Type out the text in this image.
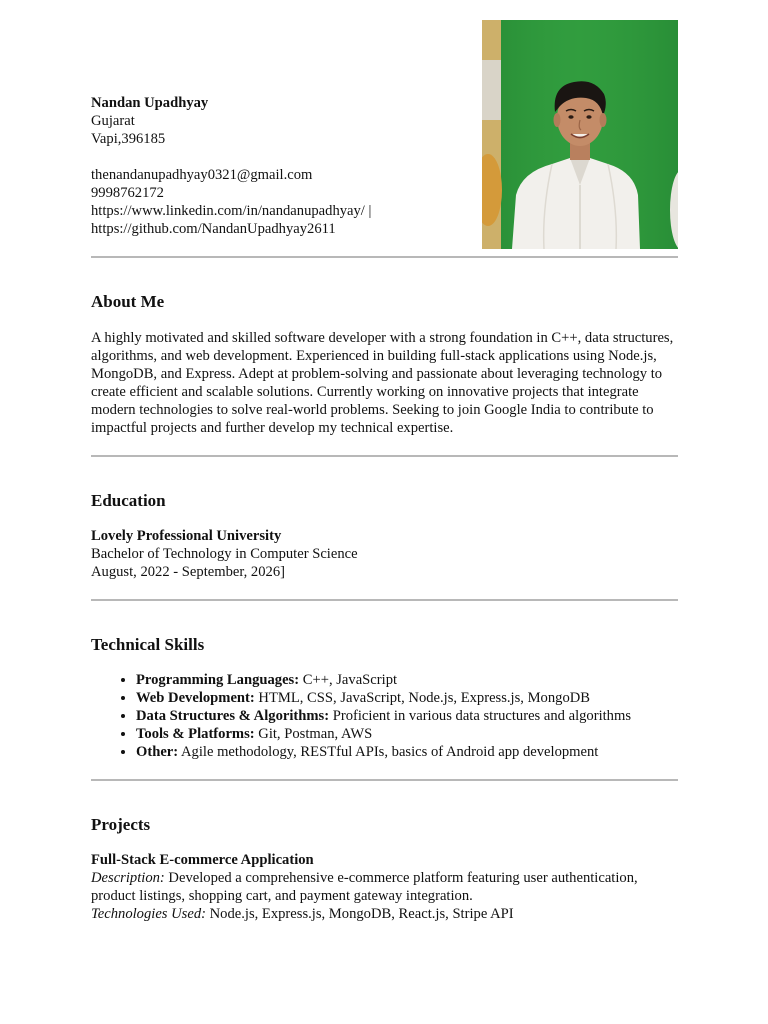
Nandan Upadhyay
Gujarat
Vapi,396185
thenandanupadhyay0321@gmail.com
9998762172
https://www.linkedin.com/in/nandanupadhyay/ |
https://github.com/NandanUpadhyay2611
About Me

A highly motivated and skilled software developer with a strong foundation in C++, data structures, algorithms, and web development. Experienced in building full-stack applications using Node.js, MongoDB, and Express. Adept at problem-solving and passionate about leveraging technology to create efficient and scalable solutions. Currently working on innovative projects that integrate modern technologies to solve real-world problems. Seeking to join Google India to contribute to impactful projects and further develop my technical expertise.

Education
Lovely Professional University
Bachelor of Technology in Computer Science
August, 2022 - September, 2026]
Technical Skills
• Programming Languages: C++, JavaScript
• Web Development: HTML, CSS, JavaScript, Node.js, Express.js, MongoDB
• Data Structures & Algorithms: Proficient in various data structures and algorithms
• Tools & Platforms: Git, Postman, AWS
• Other: Agile methodology, RESTful APIs, basics of Android app development
Projects
Full-Stack E-commerce Application
Description: Developed a comprehensive e-commerce platform featuring user authentication, product listings, shopping cart, and payment gateway integration.
Technologies Used: Node.js, Express.js, MongoDB, React.js, Stripe API
